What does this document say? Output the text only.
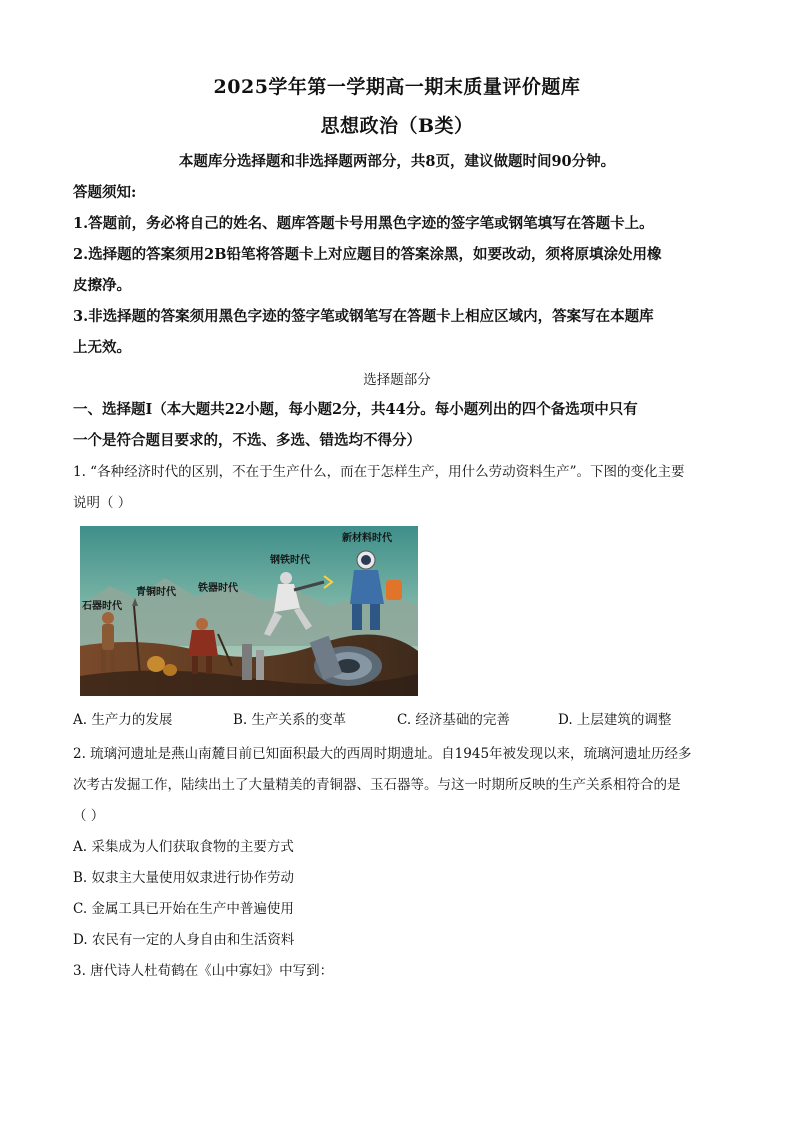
2025学年第一学期高一期末质量评价题库
思想政治（B类）
本题库分选择题和非选择题两部分，共8页，建议做题时间90分钟。
答题须知:
1.答题前，务必将自己的姓名、题库答题卡号用黑色字迹的签字笔或钢笔填写在答题卡上。
2.选择题的答案须用2B铅笔将答题卡上对应题目的答案涂黑，如要改动，须将原填涂处用橡
皮擦净。
3.非选择题的答案须用黑色字迹的签字笔或钢笔写在答题卡上相应区域内，答案写在本题库
上无效。
选择题部分
一、选择题Ⅰ（本大题共22小题，每小题2分，共44分。每小题列出的四个备选项中只有
一个是符合题目要求的，不选、多选、错选均不得分）
1. “各种经济时代的区别，不在于生产什么，而在于怎样生产，用什么劳动资料生产”。下图的变化主要
说明（ ）
石器时代
青铜时代 铁器时代
钢铁时代
新材料时代
A. 生产力的发展	B. 生产关系的变革	C. 经济基础的完善	D. 上层建筑的调整
2. 琉璃河遗址是燕山南麓目前已知面积最大的西周时期遗址。自1945年被发现以来，琉璃河遗址历经多
次考古发掘工作，陆续出土了大量精美的青铜器、玉石器等。与这一时期所反映的生产关系相符合的是
（ ）
A. 采集成为人们获取食物的主要方式
B. 奴隶主大量使用奴隶进行协作劳动
C. 金属工具已开始在生产中普遍使用
D. 农民有一定的人身自由和生活资料
3. 唐代诗人杜荀鹤在《山中寡妇》中写到：
